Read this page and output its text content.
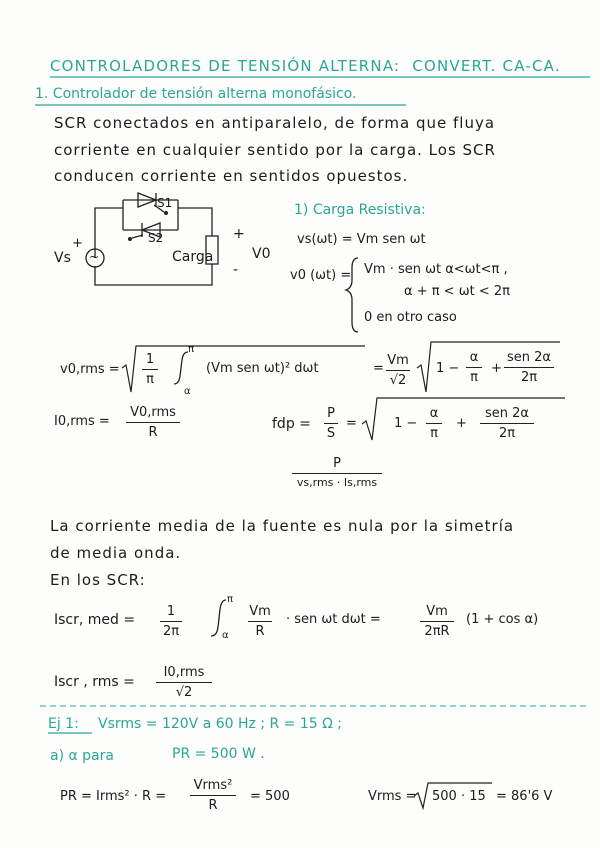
CONTROLADORES DE TENSIÓN ALTERNA: CONVERT. CA-CA.
1. Controlador de tensión alterna monofásico.
SCR conectados en antiparalelo, de forma que fluya
corriente en cualquier sentido por la carga. Los SCR
conducen corriente en sentidos opuestos.
~
S1
S2
Vs
+
+
-
Carga	V0
1) Carga Resistiva:
vs(ωt) = Vm sen ωt
v0 (ωt) = Vm · sen ωt α<ωt<π ,
α + π < ωt < 2π
0 en otro caso
v0,rms =
1
π
π
α
(Vm sen ωt)² dωt	=
Vm
√2
1 −
α
π
+
sen 2α
2π
I0,rms =
V0,rms
R
fdp =
P
S
=	1 −
α
π
+
sen 2α
2π
P
vs,rms · Is,rms
La corriente media de la fuente es nula por la simetría
de media onda.
En los SCR:
Iscr, med =
1
2π
π
α
Vm
R
· sen ωt dωt =
Vm
2πR
(1 + cos α)
Iscr , rms =
I0,rms
√2
Ej 1: Vsrms = 120V a 60 Hz ; R = 15 Ω ;
a) α para	PR = 500 W .
PR = Irms² · R =
Vrms²
R
= 500	Vrms = 500 · 15 = 86'6 V
